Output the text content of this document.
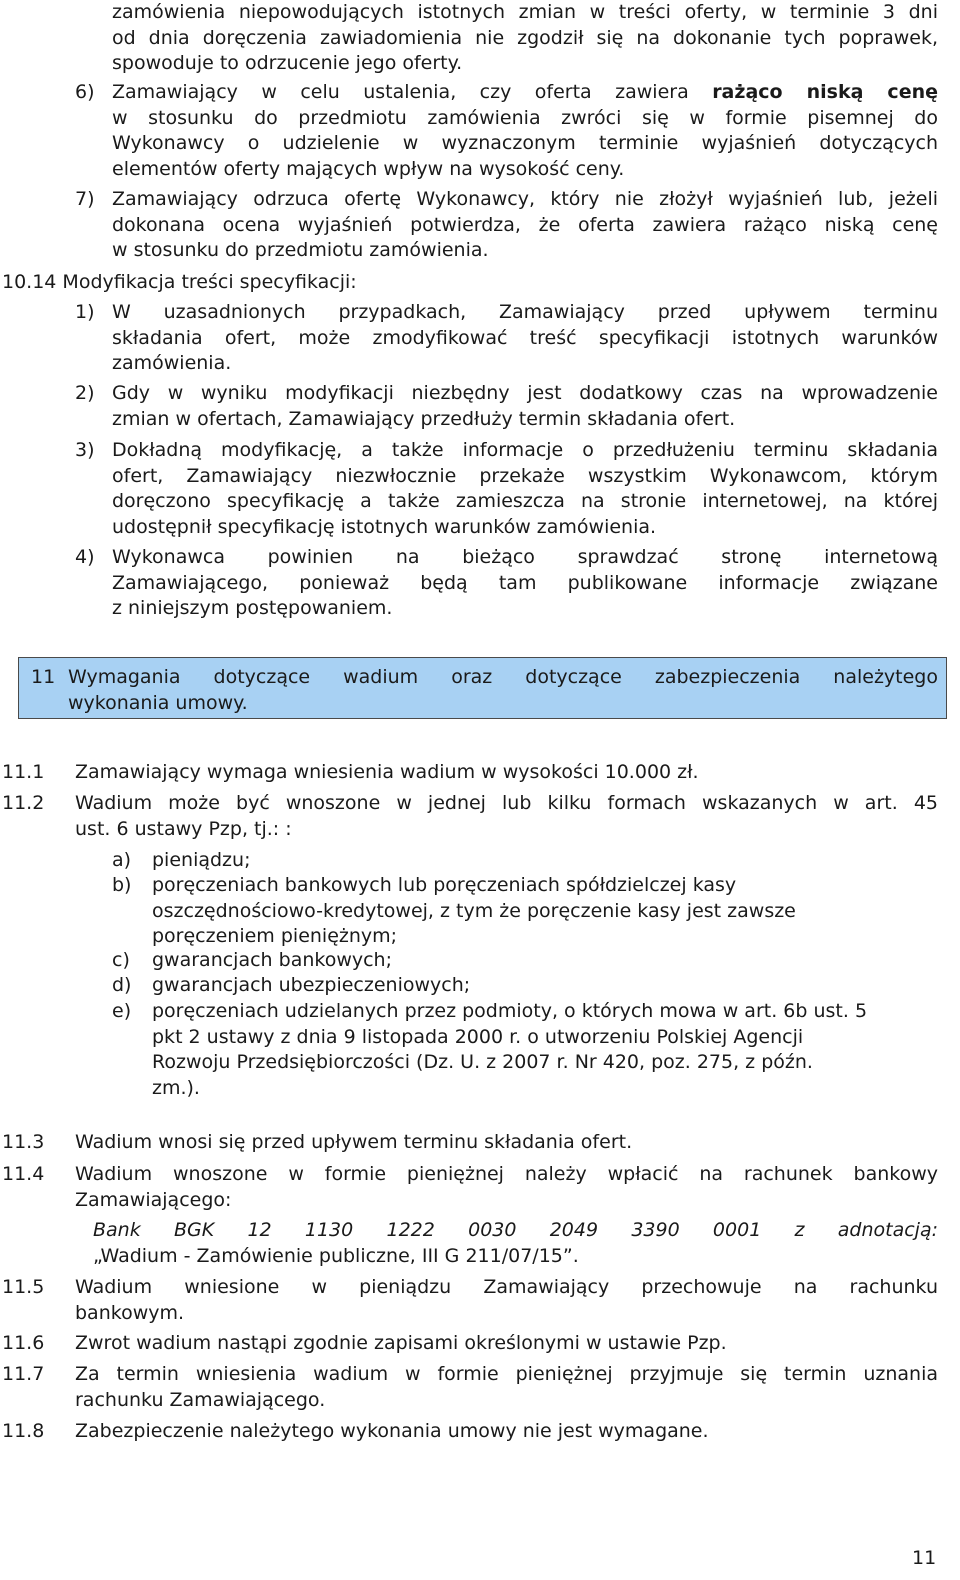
zamówienia niepowodujących istotnych zmian w treści oferty, w terminie 3 dni
od dnia doręczenia zawiadomienia nie zgodził się na dokonanie tych poprawek,
spowoduje to odrzucenie jego oferty.
6) Zamawiający w celu ustalenia, czy oferta zawiera rażąco niską cenę
w stosunku do przedmiotu zamówienia zwróci się w formie pisemnej do
Wykonawcy o udzielenie w wyznaczonym terminie wyjaśnień dotyczących
elementów oferty mających wpływ na wysokość ceny.
7) Zamawiający odrzuca ofertę Wykonawcy, który nie złożył wyjaśnień lub, jeżeli
dokonana ocena wyjaśnień potwierdza, że oferta zawiera rażąco niską cenę
w stosunku do przedmiotu zamówienia.
10.14 Modyfikacja treści specyfikacji:
1) W uzasadnionych przypadkach, Zamawiający przed upływem terminu
składania ofert, może zmodyfikować treść specyfikacji istotnych warunków
zamówienia.
2) Gdy w wyniku modyfikacji niezbędny jest dodatkowy czas na wprowadzenie
zmian w ofertach, Zamawiający przedłuży termin składania ofert.
3) Dokładną modyfikację, a także informacje o przedłużeniu terminu składania
ofert, Zamawiający niezwłocznie przekaże wszystkim Wykonawcom, którym
doręczono specyfikację a także zamieszcza na stronie internetowej, na której
udostępnił specyfikację istotnych warunków zamówienia.
4) Wykonawca powinien na bieżąco sprawdzać stronę internetową
Zamawiającego, ponieważ będą tam publikowane informacje związane
z niniejszym postępowaniem.
11 Wymagania dotyczące wadium oraz dotyczące zabezpieczenia należytego
wykonania umowy.
11.1 Zamawiający wymaga wniesienia wadium w wysokości 10.000 zł.
11.2 Wadium może być wnoszone w jednej lub kilku formach wskazanych w art. 45
ust. 6 ustawy Pzp, tj.: :
a) pieniądzu;
b) poręczeniach bankowych lub poręczeniach spółdzielczej kasy
oszczędnościowo-kredytowej, z tym że poręczenie kasy jest zawsze
poręczeniem pieniężnym;
c) gwarancjach bankowych;
d) gwarancjach ubezpieczeniowych;
e) poręczeniach udzielanych przez podmioty, o których mowa w art. 6b ust. 5
pkt 2 ustawy z dnia 9 listopada 2000 r. o utworzeniu Polskiej Agencji
Rozwoju Przedsiębiorczości (Dz. U. z 2007 r. Nr 420, poz. 275, z późn.
zm.).
11.3 Wadium wnosi się przed upływem terminu składania ofert.
11.4 Wadium wnoszone w formie pieniężnej należy wpłacić na rachunek bankowy
Zamawiającego:
Bank BGK 12 1130 1222 0030 2049 3390 0001 z adnotacją:
„Wadium - Zamówienie publiczne, III G 211/07/15”.
11.5 Wadium wniesione w pieniądzu Zamawiający przechowuje na rachunku
bankowym.
11.6 Zwrot wadium nastąpi zgodnie zapisami określonymi w ustawie Pzp.
11.7 Za termin wniesienia wadium w formie pieniężnej przyjmuje się termin uznania
rachunku Zamawiającego.
11.8 Zabezpieczenie należytego wykonania umowy nie jest wymagane.
11
